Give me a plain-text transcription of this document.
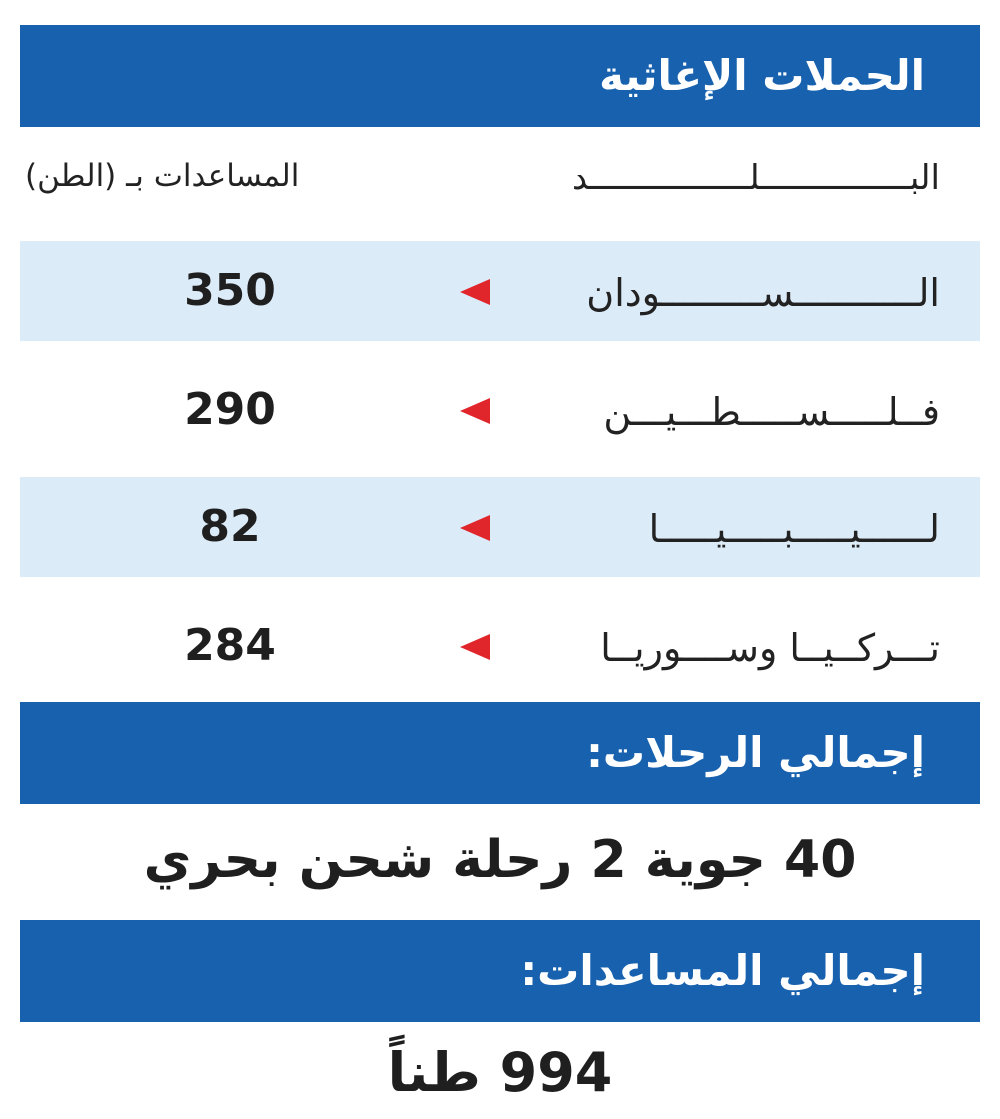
الحملات الإغاثية
البـــــــــــــــلــــــــــــــــد
المساعدات بـ (الطن)
الـــــــــــســـــــــودان
350
فــلـــــســـــطـــيـــن
290
لــــــيـــــبـــــيـــــا
82
تـــركــيــا وســــوريــا
284
إجمالي الرحلات:
40 جوية 2 رحلة شحن بحري
إجمالي المساعدات:
994 طناً
